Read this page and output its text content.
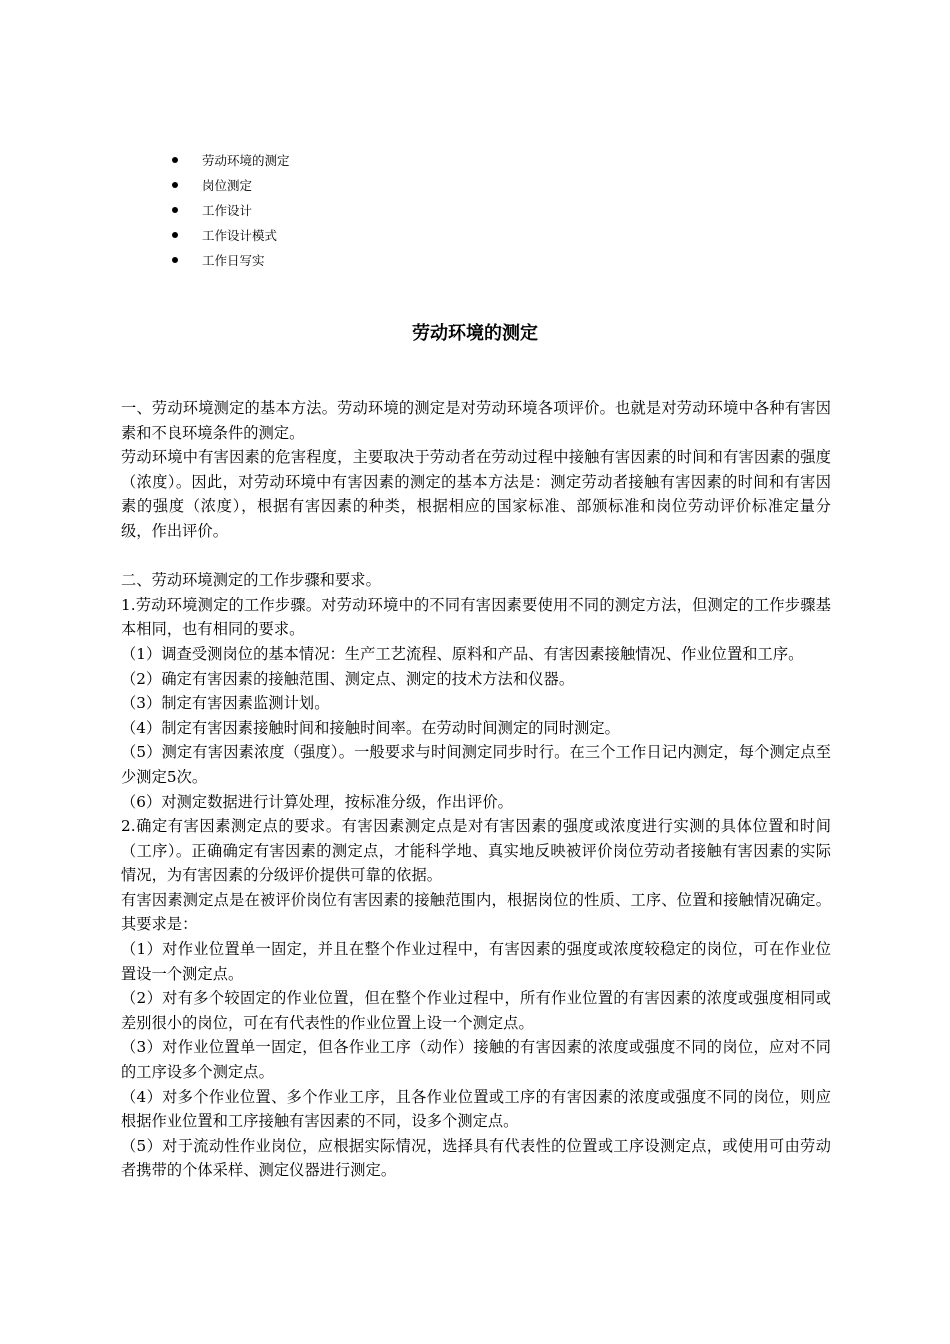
劳动环境的测定
岗位测定
工作设计
工作设计模式
工作日写实
劳动环境的测定

一、劳动环境测定的基本方法。劳动环境的测定是对劳动环境各项评价。也就是对劳动环境中各种有害因素和不良环境条件的测定。

劳动环境中有害因素的危害程度，主要取决于劳动者在劳动过程中接触有害因素的时间和有害因素的强度（浓度）。因此，对劳动环境中有害因素的测定的基本方法是：测定劳动者接触有害因素的时间和有害因素的强度（浓度），根据有害因素的种类，根据相应的国家标准、部颁标准和岗位劳动评价标准定量分级，作出评价。

二、劳动环境测定的工作步骤和要求。

1.劳动环境测定的工作步骤。对劳动环境中的不同有害因素要使用不同的测定方法，但测定的工作步骤基本相同，也有相同的要求。

（1）调查受测岗位的基本情况：生产工艺流程、原料和产品、有害因素接触情况、作业位置和工序。

（2）确定有害因素的接触范围、测定点、测定的技术方法和仪器。

（3）制定有害因素监测计划。

（4）制定有害因素接触时间和接触时间率。在劳动时间测定的同时测定。

（5）测定有害因素浓度（强度）。一般要求与时间测定同步时行。在三个工作日记内测定，每个测定点至少测定5次。

（6）对测定数据进行计算处理，按标准分级，作出评价。

2.确定有害因素测定点的要求。有害因素测定点是对有害因素的强度或浓度进行实测的具体位置和时间（工序）。正确确定有害因素的测定点，才能科学地、真实地反映被评价岗位劳动者接触有害因素的实际情况，为有害因素的分级评价提供可靠的依据。

有害因素测定点是在被评价岗位有害因素的接触范围内，根据岗位的性质、工序、位置和接触情况确定。其要求是：

（1）对作业位置单一固定，并且在整个作业过程中，有害因素的强度或浓度较稳定的岗位，可在作业位置设一个测定点。

（2）对有多个较固定的作业位置，但在整个作业过程中，所有作业位置的有害因素的浓度或强度相同或差别很小的岗位，可在有代表性的作业位置上设一个测定点。

（3）对作业位置单一固定，但各作业工序（动作）接触的有害因素的浓度或强度不同的岗位，应对不同的工序设多个测定点。

（4）对多个作业位置、多个作业工序，且各作业位置或工序的有害因素的浓度或强度不同的岗位，则应根据作业位置和工序接触有害因素的不同，设多个测定点。

（5）对于流动性作业岗位，应根据实际情况，选择具有代表性的位置或工序设测定点，或使用可由劳动者携带的个体采样、测定仪器进行测定。
